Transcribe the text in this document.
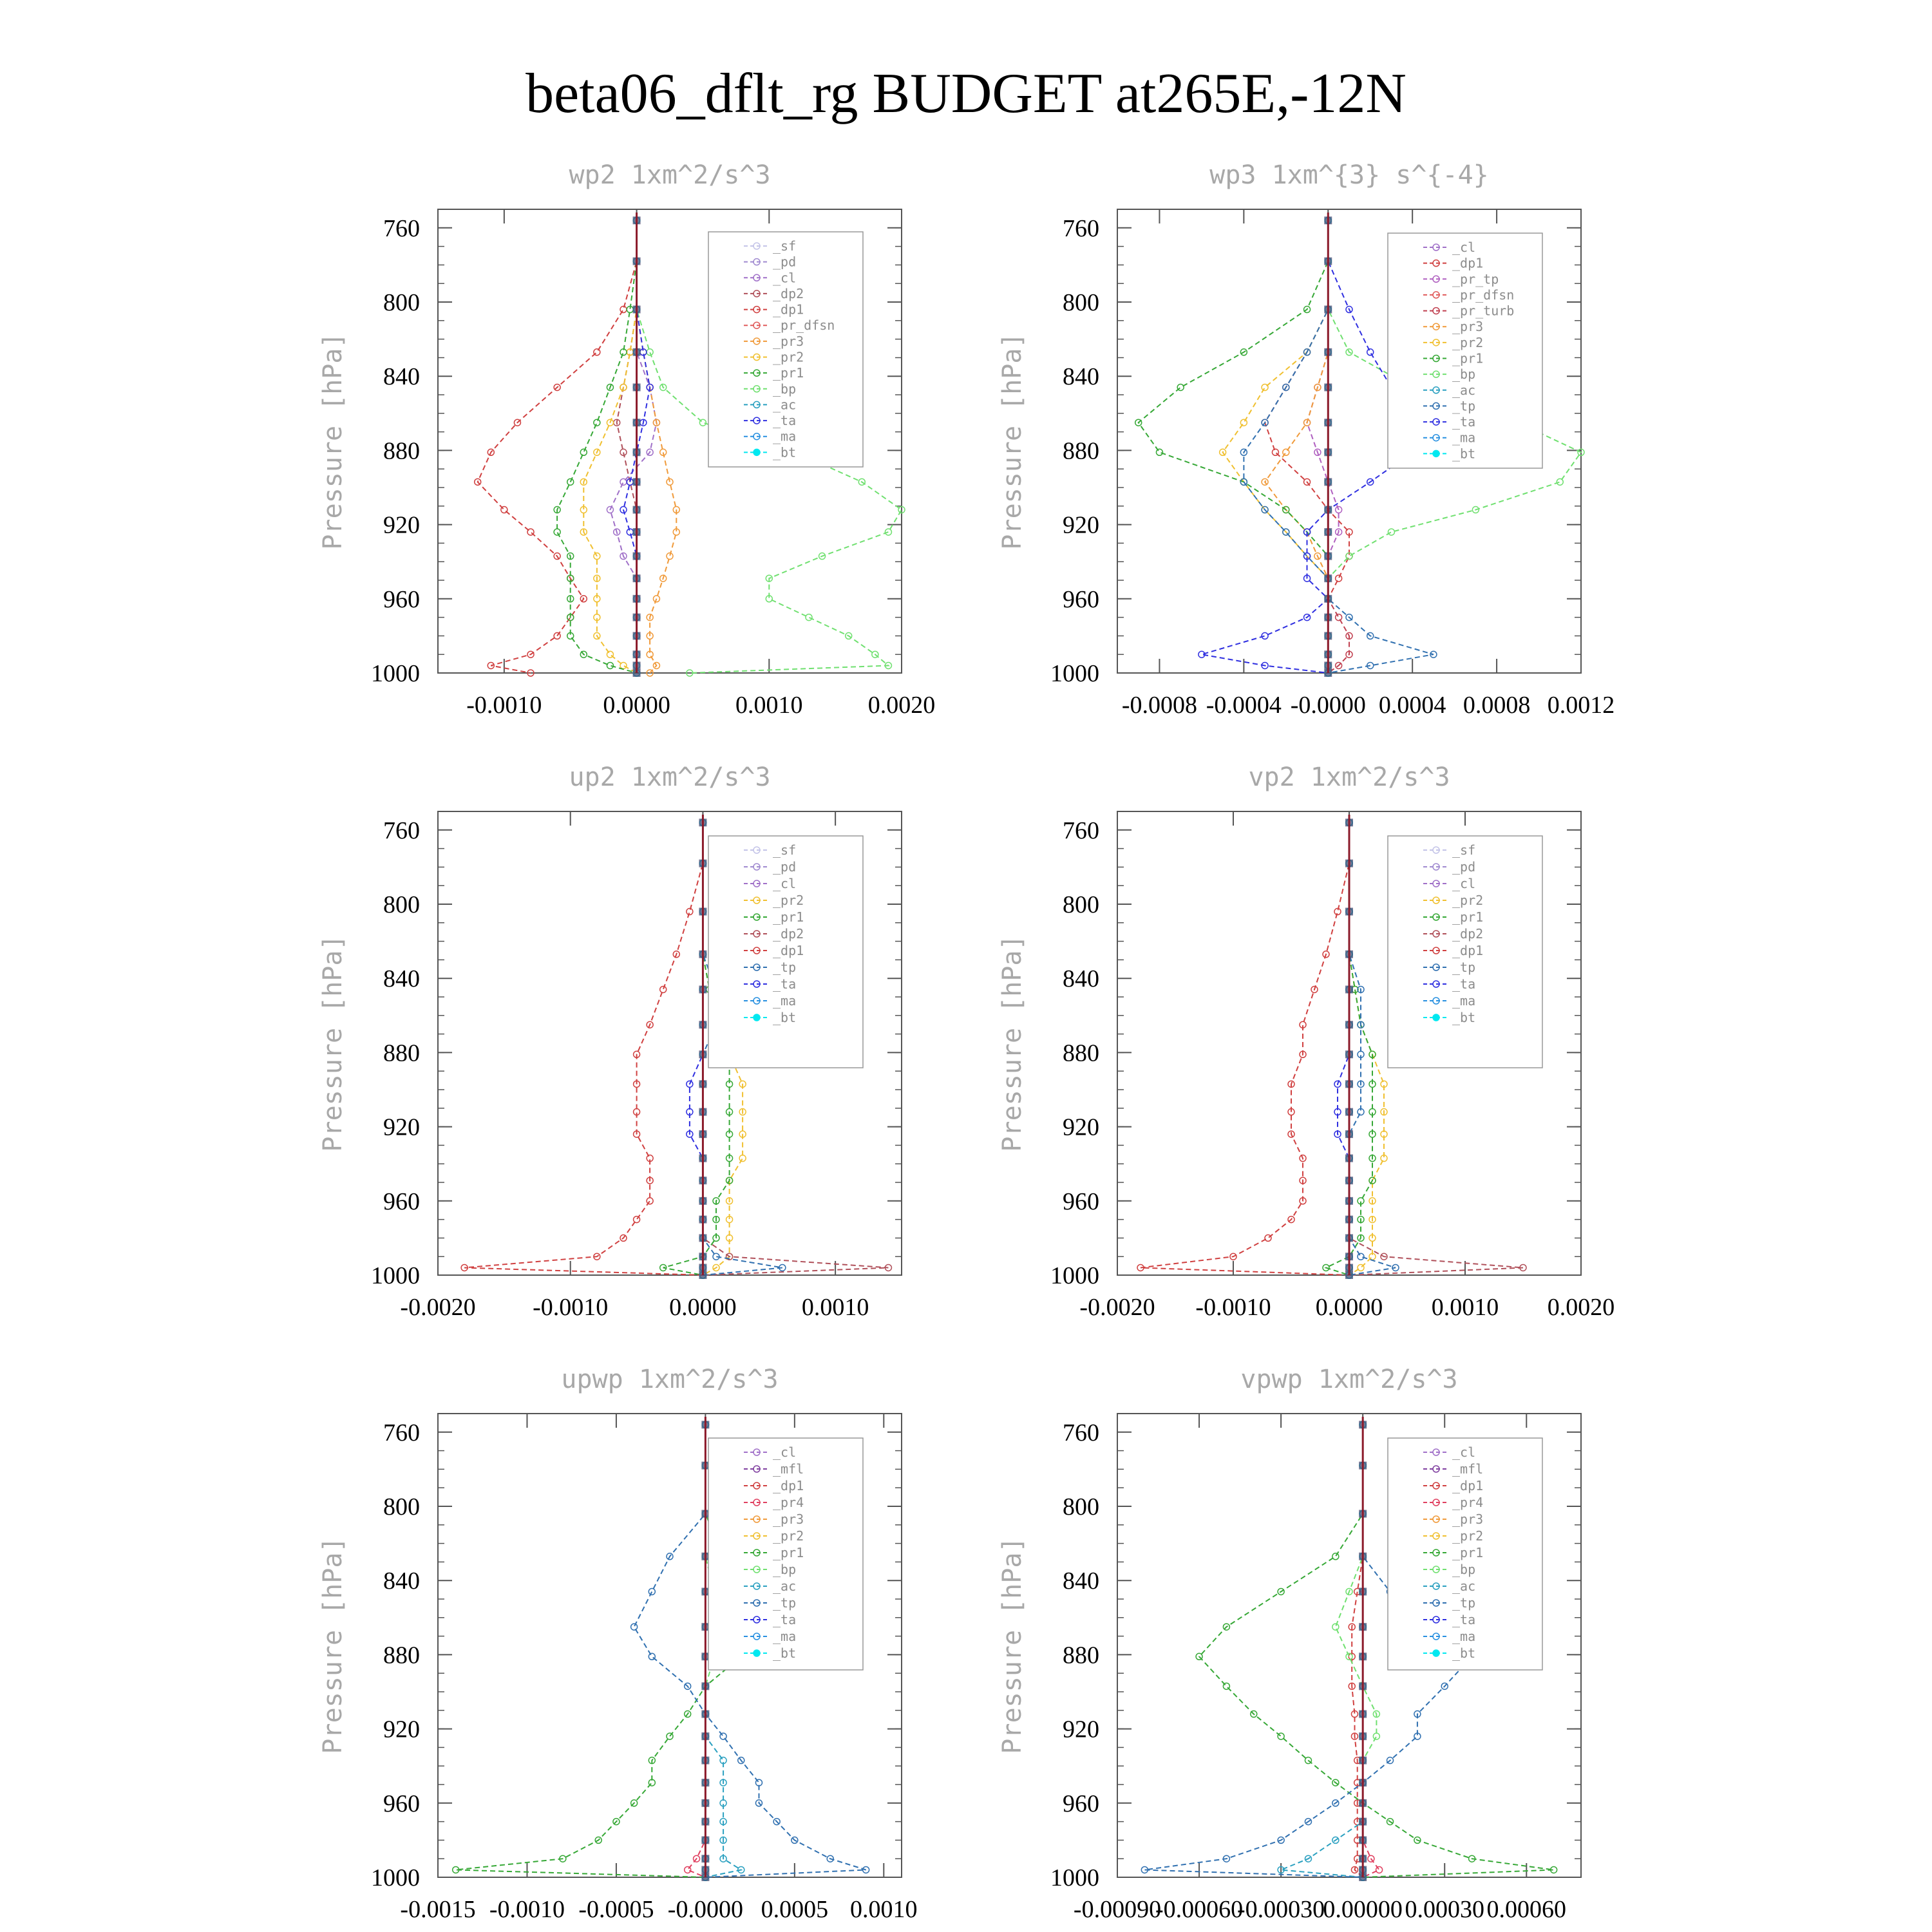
beta06_dflt_rg BUDGET at265E,-12N
wp2 1xm^2/s^3
Pressure [hPa]
760
800
840
880
920
960
1000
-0.0010 0.0000	0.0010	0.0020
_sf
_pd
_cl
_dp2
_dp1
_pr_dfsn
_pr3
_pr2
_pr1
_bp
_ac
_ta
_ma
_bt
wp3 1xm^{3} s^{-4}
Pressure [hPa]
760
800
840
880
920
960
1000
-0.0008 -0.0004 -0.0000 0.0004 0.0008 0.0012
_cl
_dp1
_pr_tp
_pr_dfsn
_pr_turb
_pr3
_pr2
_pr1
_bp
_ac
_tp
_ta
_ma
_bt
up2 1xm^2/s^3
Pressure [hPa]
760
800
840
880
920
960
1000
-0.0020 -0.0010 0.0000	0.0010
_sf
_pd
_cl
_pr2
_pr1
_dp2
_dp1
_tp
_ta
_ma
_bt
vp2 1xm^2/s^3
Pressure [hPa]
760
800
840
880
920
960
1000
-0.0020 -0.0010 0.0000 0.0010 0.0020
_sf
_pd
_cl
_pr2
_pr1
_dp2
_dp1
_tp
_ta
_ma
_bt
upwp 1xm^2/s^3
Pressure [hPa]
760
800
840
880
920
960
1000
-0.0015 -0.0010 -0.0005 -0.0000 0.0005 0.0010
_cl
_mfl
_dp1
_pr4
_pr3
_pr2
_pr1
_bp
_ac
_tp
_ta
_ma
_bt
vpwp 1xm^2/s^3
Pressure [hPa]
760
800
840
880
920
960
1000
-0.00090
-0.00060
-0.00030
0.00000 0.00030 0.00060
_cl
_mfl
_dp1
_pr4
_pr3
_pr2
_pr1
_bp
_ac
_tp
_ta
_ma
_bt
